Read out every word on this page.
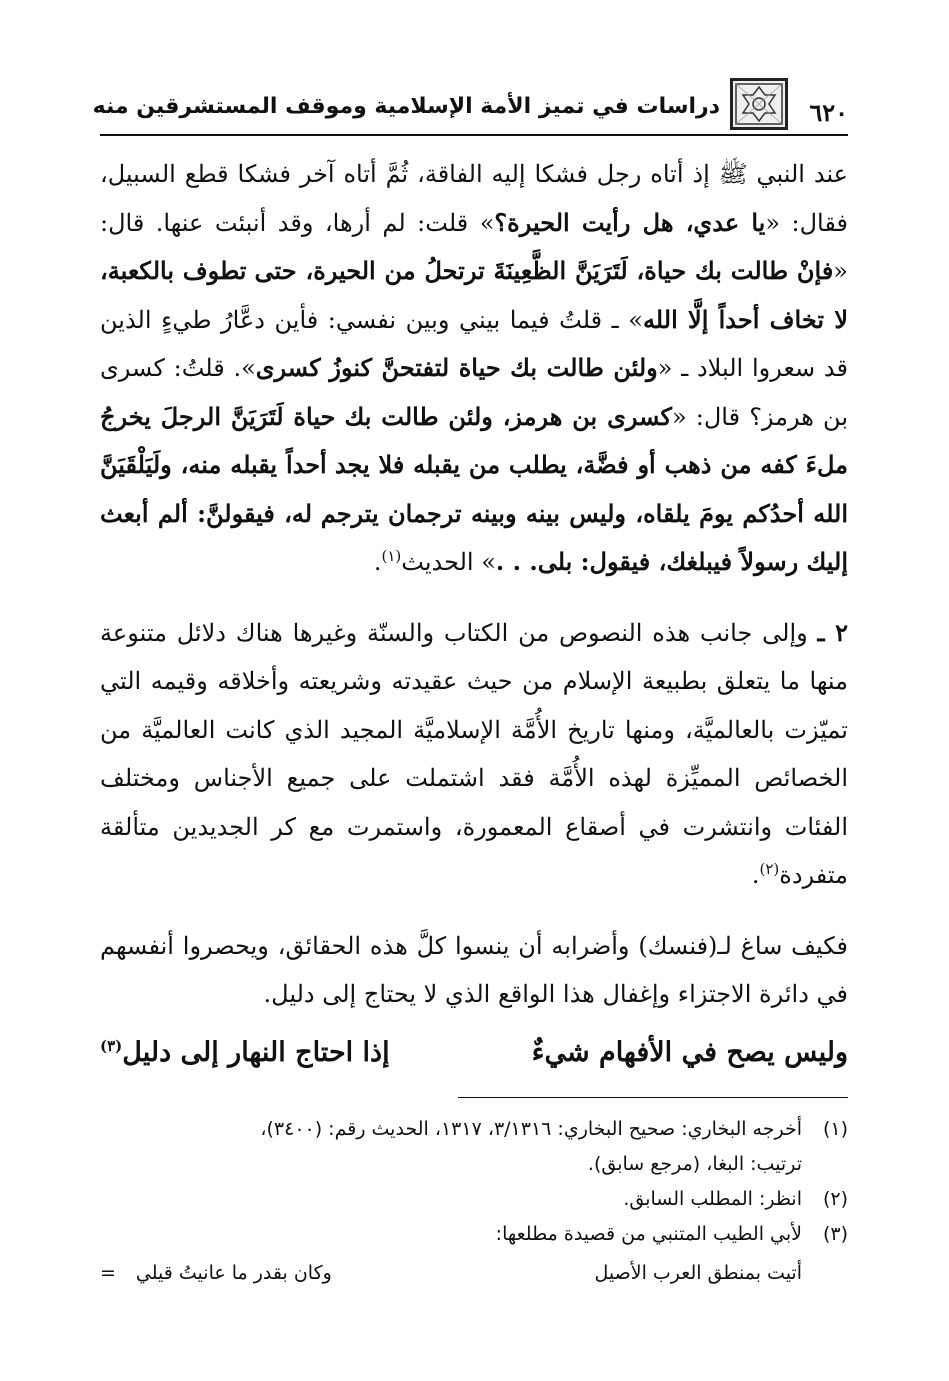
٦٢٠
دراسات في تميز الأمة الإسلامية وموقف المستشرقين منه

عند النبي ﷺ إذ أتاه رجل فشكا إليه الفاقة، ثُمَّ أتاه آخر فشكا قطع السبيل، فقال: «يا عدي، هل رأيت الحيرة؟» قلت: لم أرها، وقد أنبئت عنها. قال: «فإنْ طالت بك حياة، لَتَرَيَنَّ الظَّعِينَةَ ترتحلُ من الحيرة، حتى تطوف بالكعبة، لا تخاف أحداً إلَّا الله» ـ قلتُ فيما بيني وبين نفسي: فأين دعَّارُ طيءٍ الذين قد سعروا البلاد ـ «ولئن طالت بك حياة لتفتحنَّ كنوزُ كسرى». قلتُ: كسرى بن هرمز؟ قال: «كسرى بن هرمز، ولئن طالت بك حياة لَتَرَيَنَّ الرجلَ يخرجُ ملءَ كفه من ذهب أو فضَّة، يطلب من يقبله فلا يجد أحداً يقبله منه، ولَيَلْقَيَنَّ الله أحدُكم يومَ يلقاه، وليس بينه وبينه ترجمان يترجم له، فيقولنَّ: ألم أبعث إليك رسولاً فيبلغك، فيقول: بلى. . .» الحديث$^{(١)}$.

٢ ـ وإلى جانب هذه النصوص من الكتاب والسنّة وغيرها هناك دلائل متنوعة منها ما يتعلق بطبيعة الإسلام من حيث عقيدته وشريعته وأخلاقه وقيمه التي تميّزت بالعالميَّة، ومنها تاريخ الأُمَّة الإسلاميَّة المجيد الذي كانت العالميَّة من الخصائص المميِّزة لهذه الأُمَّة فقد اشتملت على جميع الأجناس ومختلف الفئات وانتشرت في أصقاع المعمورة، واستمرت مع كر الجديدين متألقة متفردة$^{(٢)}$.

فكيف ساغ لـ(فنسك) وأضرابه أن ينسوا كلَّ هذه الحقائق، ويحصروا أنفسهم في دائرة الاجتزاء وإغفال هذا الواقع الذي لا يحتاج إلى دليل.

وليس يصح في الأفهام شيءٌ
إذا احتاج النهار إلى دليل$^{(٣)}$

(١)
أخرجه البخاري: صحيح البخاري: ٣/١٣١٦، ١٣١٧، الحديث رقم: (٣٤٠٠)،
ترتيب: البغا، (مرجع سابق).
(٢)
انظر: المطلب السابق.
(٣)
لأبي الطيب المتنبي من قصيدة مطلعها:
أتيت بمنطق العرب الأصيل
وكان بقدر ما عانيتُ قيلي=
